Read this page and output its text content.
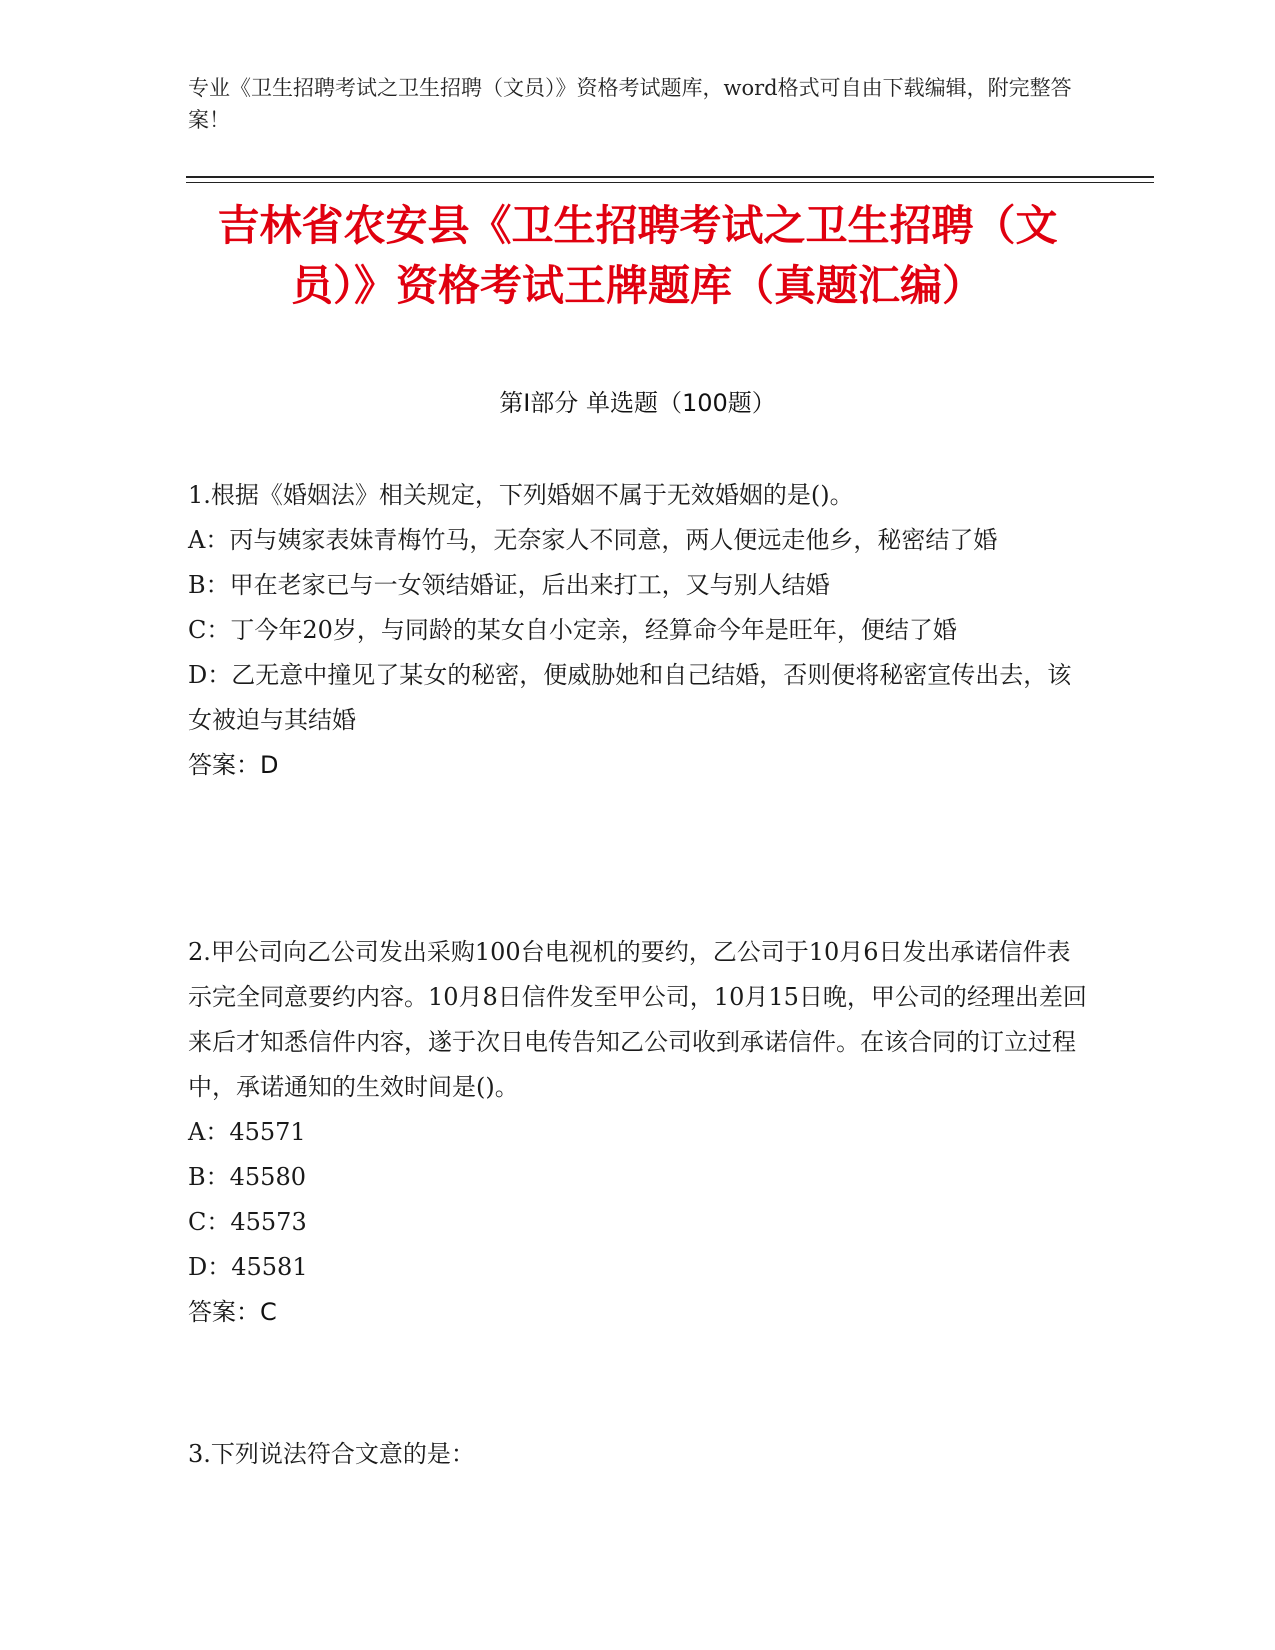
专业《卫生招聘考试之卫生招聘（文员）》资格考试题库，word格式可自由下载编辑，附完整答案！
吉林省农安县《卫生招聘考试之卫生招聘（文员）》资格考试王牌题库（真题汇编）
第Ⅰ部分 单选题（100题）
1.根据《婚姻法》相关规定，下列婚姻不属于无效婚姻的是()。
A：丙与姨家表妹青梅竹马，无奈家人不同意，两人便远走他乡，秘密结了婚
B：甲在老家已与一女领结婚证，后出来打工，又与别人结婚
C：丁今年20岁，与同龄的某女自小定亲，经算命今年是旺年，便结了婚
D：乙无意中撞见了某女的秘密，便威胁她和自己结婚，否则便将秘密宣传出去，该女被迫与其结婚
答案：D
2.甲公司向乙公司发出采购100台电视机的要约，乙公司于10月6日发出承诺信件表示完全同意要约内容。10月8日信件发至甲公司，10月15日晚，甲公司的经理出差回来后才知悉信件内容，遂于次日电传告知乙公司收到承诺信件。在该合同的订立过程中，承诺通知的生效时间是()。
A：45571
B：45580
C：45573
D：45581
答案：C
3.下列说法符合文意的是：
